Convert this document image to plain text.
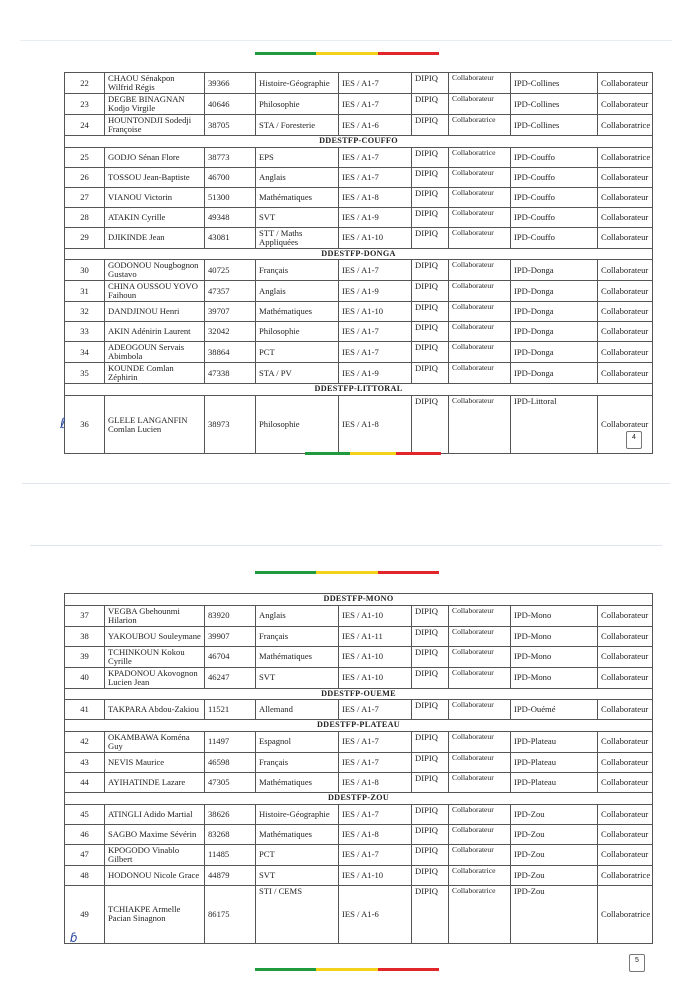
22	CHAOU Sénakpon Wilfrid Régis	39366	Histoire-Géographie	IES / A1-7	DIPIQ	Collaborateur	IPD-Collines	Collaborateur
23	DEGBE BINAGNAN Kodjo Virgile	40646	Philosophie	IES / A1-7	DIPIQ	Collaborateur	IPD-Collines	Collaborateur
24	HOUNTONDJI Sodedji Françoise	38705	STA / Foresterie	IES / A1-6	DIPIQ	Collaboratrice	IPD-Collines	Collaboratrice
DDESTFP-COUFFO								
25	GODJO Sénan Flore	38773	EPS	IES / A1-7	DIPIQ	Collaboratrice	IPD-Couffo	Collaboratrice
26	TOSSOU Jean-Baptiste	46700	Anglais	IES / A1-7	DIPIQ	Collaborateur	IPD-Couffo	Collaborateur
27	VIANOU Victorin	51300	Mathématiques	IES / A1-8	DIPIQ	Collaborateur	IPD-Couffo	Collaborateur
28	ATAKIN Cyrille	49348	SVT	IES / A1-9	DIPIQ	Collaborateur	IPD-Couffo	Collaborateur
29	DJIKINDE Jean	43081	STT / Maths Appliquées	IES / A1-10	DIPIQ	Collaborateur	IPD-Couffo	Collaborateur
DDESTFP-DONGA								
30	GODONOU Nougbognon Gustavo	40725	Français	IES / A1-7	DIPIQ	Collaborateur	IPD-Donga	Collaborateur
31	CHINA OUSSOU YOVO Faihoun	47357	Anglais	IES / A1-9	DIPIQ	Collaborateur	IPD-Donga	Collaborateur
32	DANDJINOU Henri	39707	Mathématiques	IES / A1-10	DIPIQ	Collaborateur	IPD-Donga	Collaborateur
33	AKIN Adénirin Laurent	32042	Philosophie	IES / A1-7	DIPIQ	Collaborateur	IPD-Donga	Collaborateur
34	ADEOGOUN Servais Abimbola	38864	PCT	IES / A1-7	DIPIQ	Collaborateur	IPD-Donga	Collaborateur
35	KOUNDE Comlan Zéphirin	47338	STA / PV	IES / A1-9	DIPIQ	Collaborateur	IPD-Donga	Collaborateur
DDESTFP-LITTORAL								
36	GLELE LANGANFIN Comlan Lucien	38973	Philosophie	IES / A1-8	DIPIQ	Collaborateur	IPD-Littoral	Collaborateur
4
ℓ
DDESTFP-MONO								
37	VEGBA Gbehounmi Hilarion	83920	Anglais	IES / A1-10	DIPIQ	Collaborateur	IPD-Mono	Collaborateur
38	YAKOUBOU Souleymane	39907	Français	IES / A1-11	DIPIQ	Collaborateur	IPD-Mono	Collaborateur
39	TCHINKOUN Kokou Cyrille	46704	Mathématiques	IES / A1-10	DIPIQ	Collaborateur	IPD-Mono	Collaborateur
40	KPADONOU Akovognon Lucien Jean	46247	SVT	IES / A1-10	DIPIQ	Collaborateur	IPD-Mono	Collaborateur
DDESTFP-OUEME								
41	TAKPARA Abdou-Zakiou	11521	Allemand	IES / A1-7	DIPIQ	Collaborateur	IPD-Ouémé	Collaborateur
DDESTFP-PLATEAU								
42	OKAMBAWA Koména Guy	11497	Espagnol	IES / A1-7	DIPIQ	Collaborateur	IPD-Plateau	Collaborateur
43	NEVIS Maurice	46598	Français	IES / A1-7	DIPIQ	Collaborateur	IPD-Plateau	Collaborateur
44	AYIHATINDE Lazare	47305	Mathématiques	IES / A1-8	DIPIQ	Collaborateur	IPD-Plateau	Collaborateur
DDESTFP-ZOU								
45	ATINGLI Adido Martial	38626	Histoire-Géographie	IES / A1-7	DIPIQ	Collaborateur	IPD-Zou	Collaborateur
46	SAGBO Maxime Sévérin	83268	Mathématiques	IES / A1-8	DIPIQ	Collaborateur	IPD-Zou	Collaborateur
47	KPOGODO Vinablo Gilbert	11485	PCT	IES / A1-7	DIPIQ	Collaborateur	IPD-Zou	Collaborateur
48	HODONOU Nicole Grace	44879	SVT	IES / A1-10	DIPIQ	Collaboratrice	IPD-Zou	Collaboratrice
49	TCHIAKPE Armelle Pacian Sinagnon	86175	STI / CEMS	IES / A1-6	DIPIQ	Collaboratrice	IPD-Zou	Collaboratrice
ɓ
5
